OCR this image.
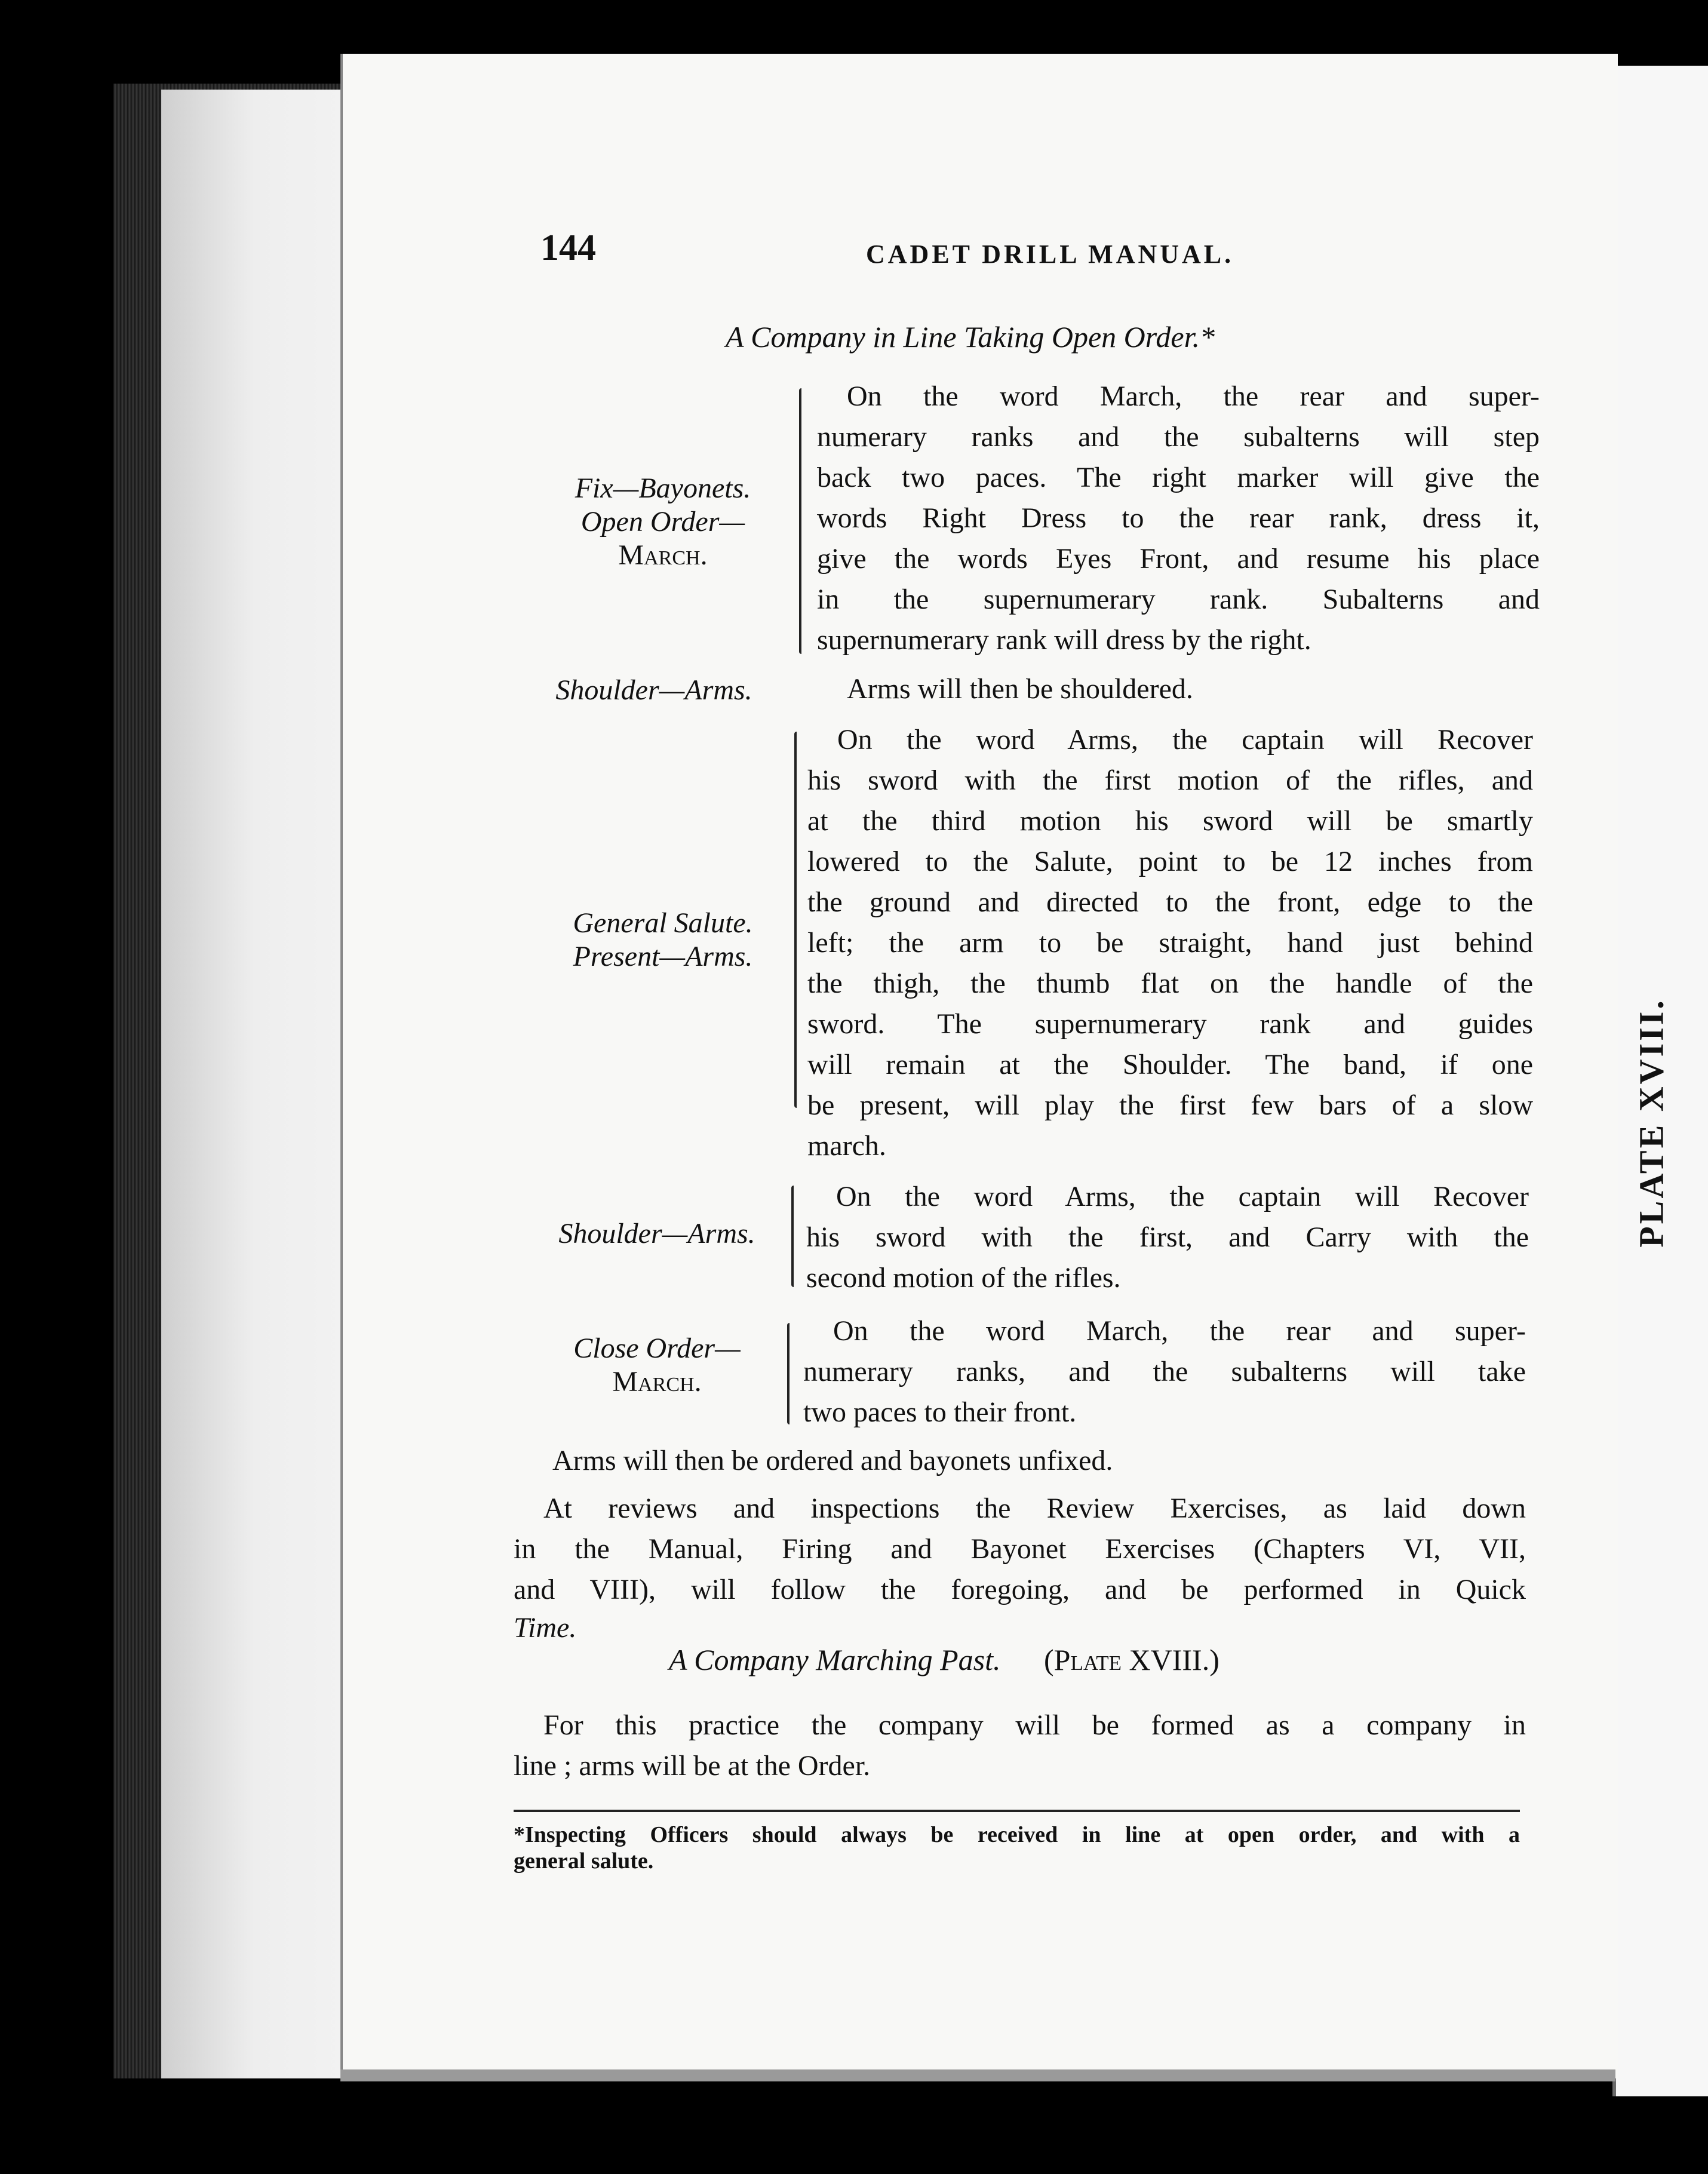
PLATE XVIII.
144	CADET DRILL MANUAL.
A Company in Line Taking Open Order.*
Fix—Bayonets.
Open Order—
March.
On the word March, the rear and super-
numerary ranks and the subalterns will step
back two paces. The right marker will give the
words Right Dress to the rear rank, dress it,
give the words Eyes Front, and resume his place
in the supernumerary rank. Subalterns and
supernumerary rank will dress by the right.
Shoulder—Arms.	Arms will then be shouldered.
General Salute.
Present—Arms.
On the word Arms, the captain will Recover
his sword with the first motion of the rifles, and
at the third motion his sword will be smartly
lowered to the Salute, point to be 12 inches from
the ground and directed to the front, edge to the
left; the arm to be straight, hand just behind
the thigh, the thumb flat on the handle of the
sword. The supernumerary rank and guides
will remain at the Shoulder. The band, if one
be present, will play the first few bars of a slow
march.
Shoulder—Arms.
On the word Arms, the captain will Recover
his sword with the first, and Carry with the
second motion of the rifles.
Close Order—
March.
On the word March, the rear and super-
numerary ranks, and the subalterns will take
two paces to their front.
Arms will then be ordered and bayonets unfixed.
At reviews and inspections the Review Exercises, as laid down
in the Manual, Firing and Bayonet Exercises (Chapters VI, VII,
and VIII), will follow the foregoing, and be performed in Quick
Time.
A Company Marching Past. (Plate XVIII.)
For this practice the company will be formed as a company in
line ; arms will be at the Order.
*Inspecting Officers should always be received in line at open order, and with a
general salute.
